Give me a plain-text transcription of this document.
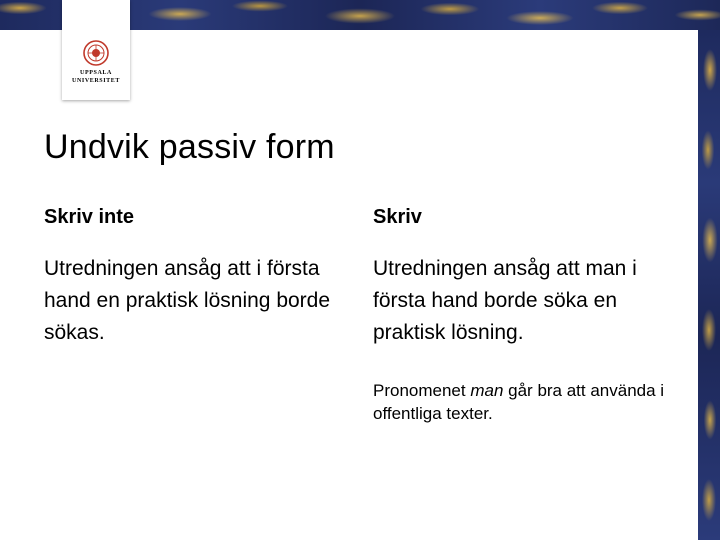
UPPSALA
UNIVERSITET
Undvik passiv form
Skriv inte
Utredningen ansåg att i första hand en praktisk lösning borde sökas.
Skriv
Utredningen ansåg att man i första hand borde söka en praktisk lösning.
Pronomenet man går bra att använda i offentliga texter.
